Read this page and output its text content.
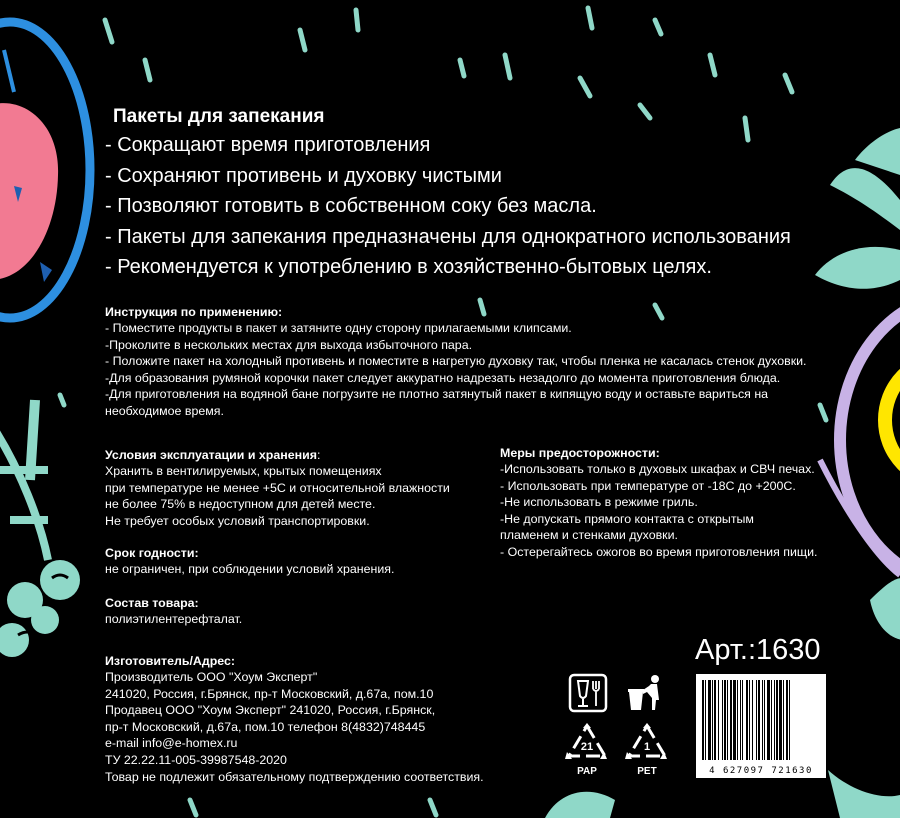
Пакеты для запекания
- Сокращают время приготовления
- Сохраняют противень и духовку чистыми
- Позволяют готовить в собственном соку без масла.
- Пакеты для запекания предназначены для однократного использования
- Рекомендуется к употреблению в хозяйственно-бытовых целях.
Инструкция по применению:
- Поместите продукты в пакет и затяните одну сторону прилагаемыми клипсами.
-Проколите в нескольких местах для выхода избыточного пара.
- Положите пакет на холодный противень и поместите в нагретую духовку так, чтобы пленка не касалась стенок духовки.
-Для образования румяной корочки пакет следует аккуратно надрезать незадолго до момента приготовления блюда.
-Для приготовления на водяной бане погрузите не плотно затянутый пакет в кипящую воду и оставьте вариться на
необходимое время.
Условия эксплуатации и хранения:
Хранить в вентилируемых, крытых помещениях
при температуре не менее +5С и относительной влажности
не более 75% в недоступном для детей месте.
Не требует особых условий транспортировки.
Срок годности:
не ограничен, при соблюдении условий хранения.
Состав товара:
полиэтилентерефталат.
Изготовитель/Адрес:
Производитель ООО "Хоум Эксперт"
241020, Россия, г.Брянск, пр-т Московский, д.67а, пом.10
Продавец ООО "Хоум Эксперт" 241020, Россия, г.Брянск,
пр-т Московский, д.67а, пом.10 телефон 8(4832)748445
e-mail info@e-homex.ru
ТУ 22.22.11-005-39987548-2020
Товар не подлежит обязательному подтверждению соответствия.
Меры предосторожности:
-Использовать только в духовых шкафах и СВЧ печах.
- Использовать при температуре от -18С до +200С.
-Не использовать в режиме гриль.
-Не допускать прямого контакта с открытым
пламенем и стенками духовки.
- Остерегайтесь ожогов во время приготовления пищи.
Арт.:1630
4 627097 721630
21
PAP
1
PET
